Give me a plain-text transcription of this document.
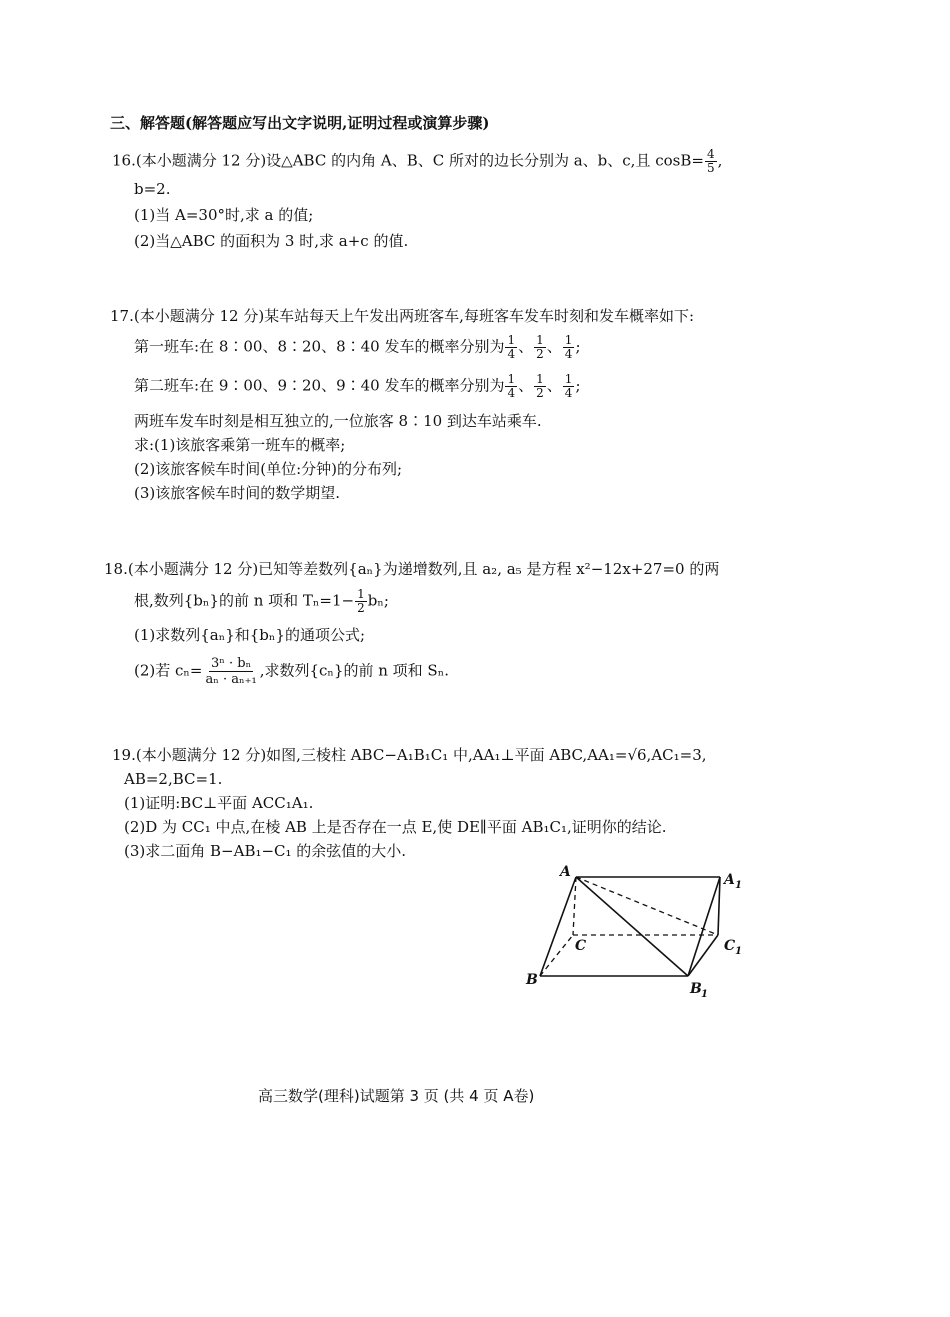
三、解答题(解答题应写出文字说明,证明过程或演算步骤)
16.(本小题满分 12 分)设△ABC 的内角 A、B、C 所对的边长分别为 a、b、c,且 $\cos B= \frac{4}{5}$ ,
b=2.
(1)当 A=30°时,求 a 的值;
(2)当△ABC 的面积为 3 时,求 a+c 的值.
17.(本小题满分 12 分)某车站每天上午发出两班客车,每班客车发车时刻和发车概率如下:
第一班车:在 8∶00、8∶20、8∶40 发车的概率分别为 $\frac{1}{4}$ 、 $\frac{1}{2}$ 、 $\frac{1}{4}$ ;
第二班车:在 9∶00、9∶20、9∶40 发车的概率分别为 $\frac{1}{4}$ 、 $\frac{1}{2}$ 、 $\frac{1}{4}$ ;
两班车发车时刻是相互独立的,一位旅客 8∶10 到达车站乘车.
求:(1)该旅客乘第一班车的概率;
(2)该旅客候车时间(单位:分钟)的分布列;
(3)该旅客候车时间的数学期望.
18.(本小题满分 12 分)已知等差数列{aₙ}为递增数列,且 a₂, a₅ 是方程 x²−12x+27=0 的两
根,数列{bₙ}的前 n 项和 $T_n=1- \frac{1}{2} b_n$;
(1)求数列{aₙ}和{bₙ}的通项公式;
(2)若 $c_n= \frac{\text{3ⁿ · bₙ}}{\text{aₙ · aₙ₊₁}}$ ,求数列{cₙ}的前 n 项和 Sₙ.
19.(本小题满分 12 分)如图,三棱柱 ABC−A₁B₁C₁ 中,AA₁⊥平面 ABC,AA₁=√6,AC₁=3,
AB=2,BC=1.
(1)证明:BC⊥平面 ACC₁A₁.
(2)D 为 CC₁ 中点,在棱 AB 上是否存在一点 E,使 DE∥平面 AB₁C₁,证明你的结论.
(3)求二面角 B−AB₁−C₁ 的余弦值的大小.
A	A 1
C	C 1
B
B 1
高三数学(理科)试题第 3 页 (共 4 页 A卷)
